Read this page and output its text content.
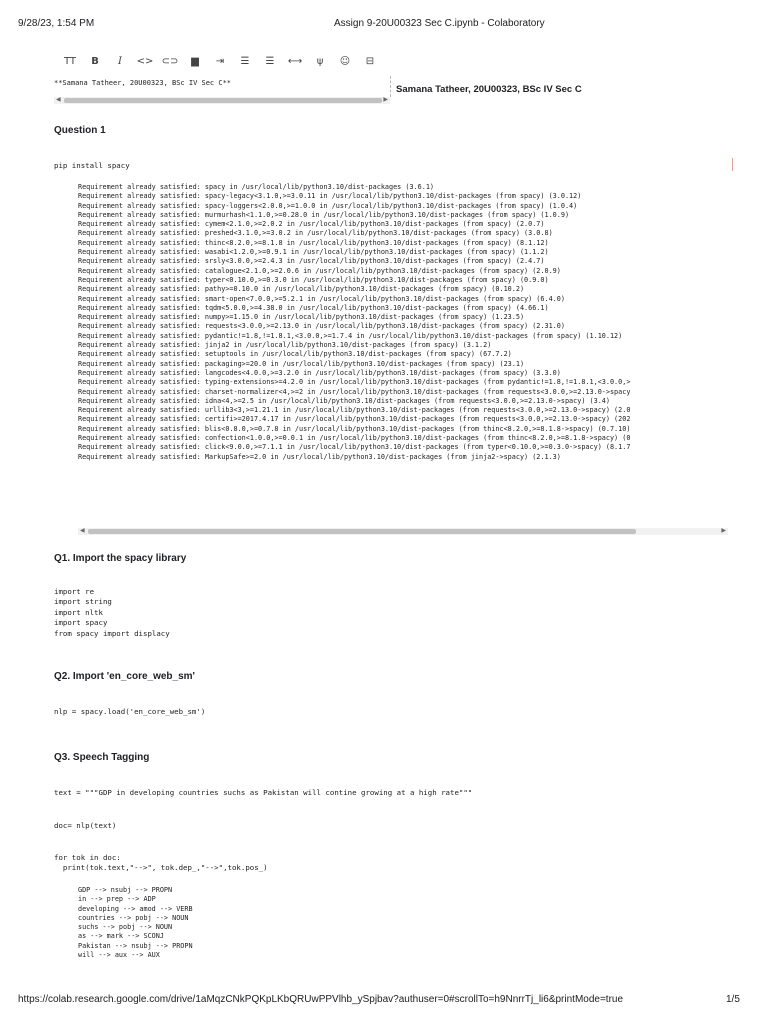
9/28/23, 1:54 PM	Assign 9-20U00323 Sec C.ipynb - Colaboratory
TT	B	I	<> ⊂⊃	▆	⇥	☰	☰	⟷	ψ	☺	⊟
**Samana Tatheer, 20U00323, BSc IV Sec C**
◀	▶
Samana Tatheer, 20U00323, BSc IV Sec C
Question 1
pip install spacy
Requirement already satisfied: spacy in /usr/local/lib/python3.10/dist-packages (3.6.1)
Requirement already satisfied: spacy-legacy<3.1.0,>=3.0.11 in /usr/local/lib/python3.10/dist-packages (from spacy) (3.0.12)
Requirement already satisfied: spacy-loggers<2.0.0,>=1.0.0 in /usr/local/lib/python3.10/dist-packages (from spacy) (1.0.4)
Requirement already satisfied: murmurhash<1.1.0,>=0.28.0 in /usr/local/lib/python3.10/dist-packages (from spacy) (1.0.9)
Requirement already satisfied: cymem<2.1.0,>=2.0.2 in /usr/local/lib/python3.10/dist-packages (from spacy) (2.0.7)
Requirement already satisfied: preshed<3.1.0,>=3.0.2 in /usr/local/lib/python3.10/dist-packages (from spacy) (3.0.8)
Requirement already satisfied: thinc<8.2.0,>=8.1.8 in /usr/local/lib/python3.10/dist-packages (from spacy) (8.1.12)
Requirement already satisfied: wasabi<1.2.0,>=0.9.1 in /usr/local/lib/python3.10/dist-packages (from spacy) (1.1.2)
Requirement already satisfied: srsly<3.0.0,>=2.4.3 in /usr/local/lib/python3.10/dist-packages (from spacy) (2.4.7)
Requirement already satisfied: catalogue<2.1.0,>=2.0.6 in /usr/local/lib/python3.10/dist-packages (from spacy) (2.0.9)
Requirement already satisfied: typer<0.10.0,>=0.3.0 in /usr/local/lib/python3.10/dist-packages (from spacy) (0.9.0)
Requirement already satisfied: pathy>=0.10.0 in /usr/local/lib/python3.10/dist-packages (from spacy) (0.10.2)
Requirement already satisfied: smart-open<7.0.0,>=5.2.1 in /usr/local/lib/python3.10/dist-packages (from spacy) (6.4.0)
Requirement already satisfied: tqdm<5.0.0,>=4.38.0 in /usr/local/lib/python3.10/dist-packages (from spacy) (4.66.1)
Requirement already satisfied: numpy>=1.15.0 in /usr/local/lib/python3.10/dist-packages (from spacy) (1.23.5)
Requirement already satisfied: requests<3.0.0,>=2.13.0 in /usr/local/lib/python3.10/dist-packages (from spacy) (2.31.0)
Requirement already satisfied: pydantic!=1.8,!=1.8.1,<3.0.0,>=1.7.4 in /usr/local/lib/python3.10/dist-packages (from spacy) (1.10.12)
Requirement already satisfied: jinja2 in /usr/local/lib/python3.10/dist-packages (from spacy) (3.1.2)
Requirement already satisfied: setuptools in /usr/local/lib/python3.10/dist-packages (from spacy) (67.7.2)
Requirement already satisfied: packaging>=20.0 in /usr/local/lib/python3.10/dist-packages (from spacy) (23.1)
Requirement already satisfied: langcodes<4.0.0,>=3.2.0 in /usr/local/lib/python3.10/dist-packages (from spacy) (3.3.0)
Requirement already satisfied: typing-extensions>=4.2.0 in /usr/local/lib/python3.10/dist-packages (from pydantic!=1.8,!=1.8.1,<3.0.0,>
Requirement already satisfied: charset-normalizer<4,>=2 in /usr/local/lib/python3.10/dist-packages (from requests<3.0.0,>=2.13.0->spacy
Requirement already satisfied: idna<4,>=2.5 in /usr/local/lib/python3.10/dist-packages (from requests<3.0.0,>=2.13.0->spacy) (3.4)
Requirement already satisfied: urllib3<3,>=1.21.1 in /usr/local/lib/python3.10/dist-packages (from requests<3.0.0,>=2.13.0->spacy) (2.0
Requirement already satisfied: certifi>=2017.4.17 in /usr/local/lib/python3.10/dist-packages (from requests<3.0.0,>=2.13.0->spacy) (202
Requirement already satisfied: blis<0.8.0,>=0.7.8 in /usr/local/lib/python3.10/dist-packages (from thinc<8.2.0,>=8.1.8->spacy) (0.7.10)
Requirement already satisfied: confection<1.0.0,>=0.0.1 in /usr/local/lib/python3.10/dist-packages (from thinc<8.2.0,>=8.1.8->spacy) (0
Requirement already satisfied: click<9.0.0,>=7.1.1 in /usr/local/lib/python3.10/dist-packages (from typer<0.10.0,>=0.3.0->spacy) (8.1.7
Requirement already satisfied: MarkupSafe>=2.0 in /usr/local/lib/python3.10/dist-packages (from jinja2->spacy) (2.1.3)
◀	▶
Q1. Import the spacy library
import re
import string
import nltk
import spacy
from spacy import displacy
Q2. Import 'en_core_web_sm'
nlp = spacy.load('en_core_web_sm')
Q3. Speech Tagging
text = """GDP in developing countries suchs as Pakistan will contine growing at a high rate"""
doc= nlp(text)
for tok in doc:
print(tok.text,"-->", tok.dep_,"-->",tok.pos_)
GDP --> nsubj --> PROPN
in --> prep --> ADP
developing --> amod --> VERB
countries --> pobj --> NOUN
suchs --> pobj --> NOUN
as --> mark --> SCONJ
Pakistan --> nsubj --> PROPN
will --> aux --> AUX
https://colab.research.google.com/drive/1aMqzCNkPQKpLKbQRUwPPVlhb_ySpjbav?authuser=0#scrollTo=h9NnrrTj_li6&printMode=true	1/5
